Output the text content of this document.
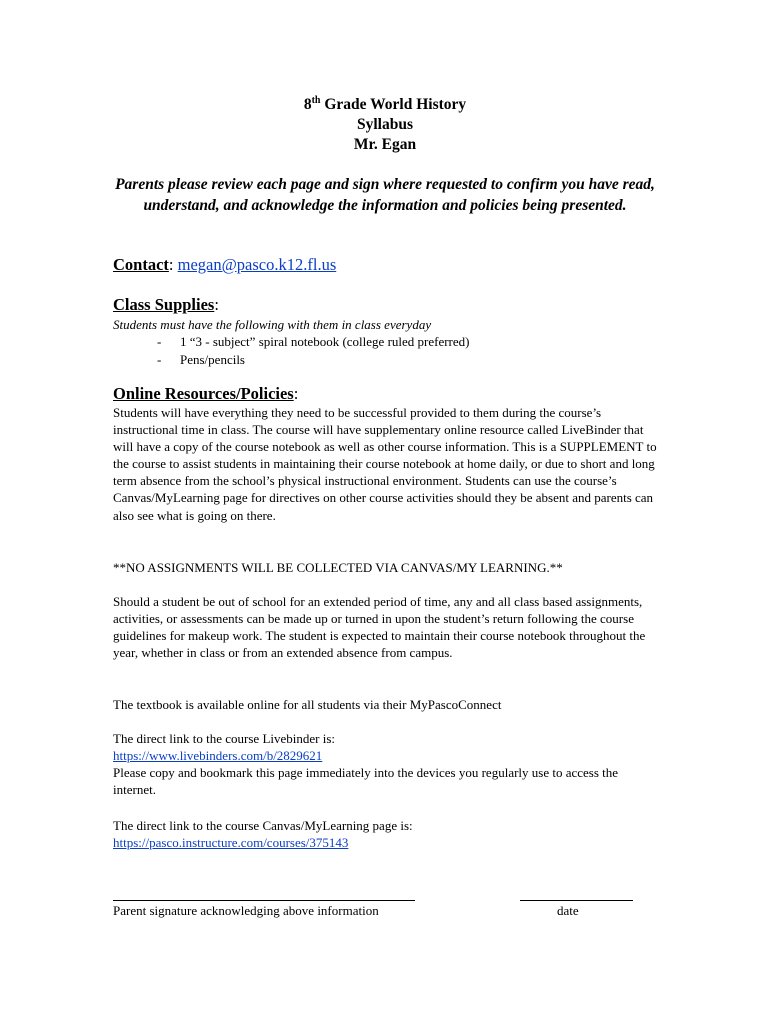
8th Grade World History
Syllabus
Mr. Egan
Parents please review each page and sign where requested to confirm you have read, understand, and acknowledge the information and policies being presented.
Contact: megan@pasco.k12.fl.us
Class Supplies:
Students must have the following with them in class everyday
- 1 “3 - subject” spiral notebook (college ruled preferred)
- Pens/pencils
Online Resources/Policies:

Students will have everything they need to be successful provided to them during the course’s instructional time in class. The course will have supplementary online resource called LiveBinder that will have a copy of the course notebook as well as other course information. This is a SUPPLEMENT to the course to assist students in maintaining their course notebook at home daily, or due to short and long term absence from the school’s physical instructional environment. Students can use the course’s Canvas/MyLearning page for directives on other course activities should they be absent and parents can also see what is going on there.

**NO ASSIGNMENTS WILL BE COLLECTED VIA CANVAS/MY LEARNING.**

Should a student be out of school for an extended period of time, any and all class based assignments, activities, or assessments can be made up or turned in upon the student’s return following the course guidelines for makeup work. The student is expected to maintain their course notebook throughout the year, whether in class or from an extended absence from campus.

The textbook is available online for all students via their MyPascoConnect

The direct link to the course Livebinder is:
https://www.livebinders.com/b/2829621
Please copy and bookmark this page immediately into the devices you regularly use to access the internet.
The direct link to the course Canvas/MyLearning page is:
https://pasco.instructure.com/courses/375143
Parent signature acknowledging above information	date
